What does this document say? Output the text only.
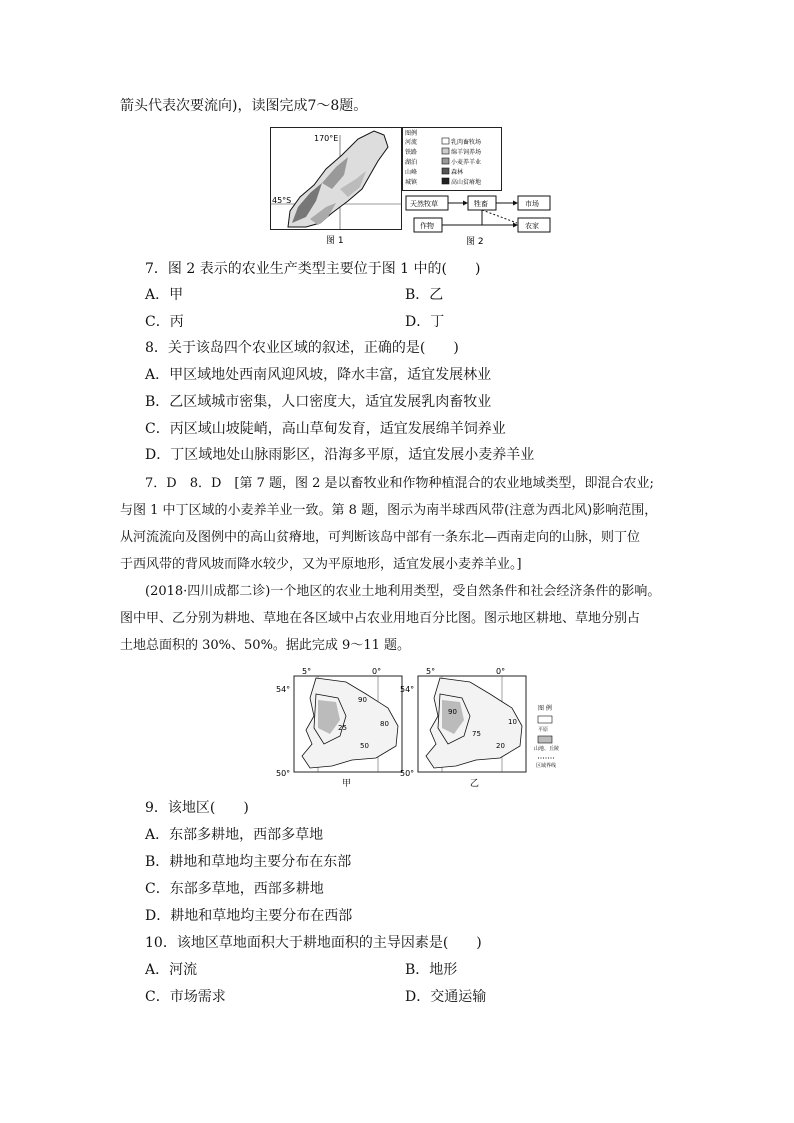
箭头代表次要流向)，读图完成7～8题。
170°E
45°S
图 1
图例
河流
铁路
湖泊
山峰
城镇
乳肉畜牧场
绵羊饲养场
小麦养羊业
森林
高山贫瘠地
天然牧草	牲畜	市场
作物	农家
图 2
7．图 2 表示的农业生产类型主要位于图 1 中的(　　)
A．甲	B．乙
C．丙	D．丁
8．关于该岛四个农业区域的叙述，正确的是(　　)
A．甲区域地处西南风迎风坡，降水丰富，适宜发展林业
B．乙区域城市密集，人口密度大，适宜发展乳肉畜牧业
C．丙区域山坡陡峭，高山草甸发育，适宜发展绵羊饲养业
D．丁区域地处山脉雨影区，沿海多平原，适宜发展小麦养羊业
7．D　8．D　[第 7 题，图 2 是以畜牧业和作物种植混合的农业地域类型，即混合农业;
与图 1 中丁区域的小麦养羊业一致。第 8 题，图示为南半球西风带(注意为西北风)影响范围，
从河流流向及图例中的高山贫瘠地，可判断该岛中部有一条东北—西南走向的山脉，则丁位
于西风带的背风坡而降水较少，又为平原地形，适宜发展小麦养羊业。]
(2018·四川成都二诊)一个地区的农业土地利用类型，受自然条件和社会经济条件的影响。
图中甲、乙分别为耕地、草地在各区域中占农业用地百分比图。图示地区耕地、草地分别占
土地总面积的 30%、50%。据此完成 9～11 题。
5°	0°
54°
50°
90
80
50
25
甲
5°	0°
54°
50°
90
10
20
75
乙
图 例
平原
山地、丘陵
区域界线
9．该地区(　　)
A．东部多耕地，西部多草地
B．耕地和草地均主要分布在东部
C．东部多草地，西部多耕地
D．耕地和草地均主要分布在西部
10．该地区草地面积大于耕地面积的主导因素是(　　)
A．河流	B．地形
C．市场需求	D．交通运输
